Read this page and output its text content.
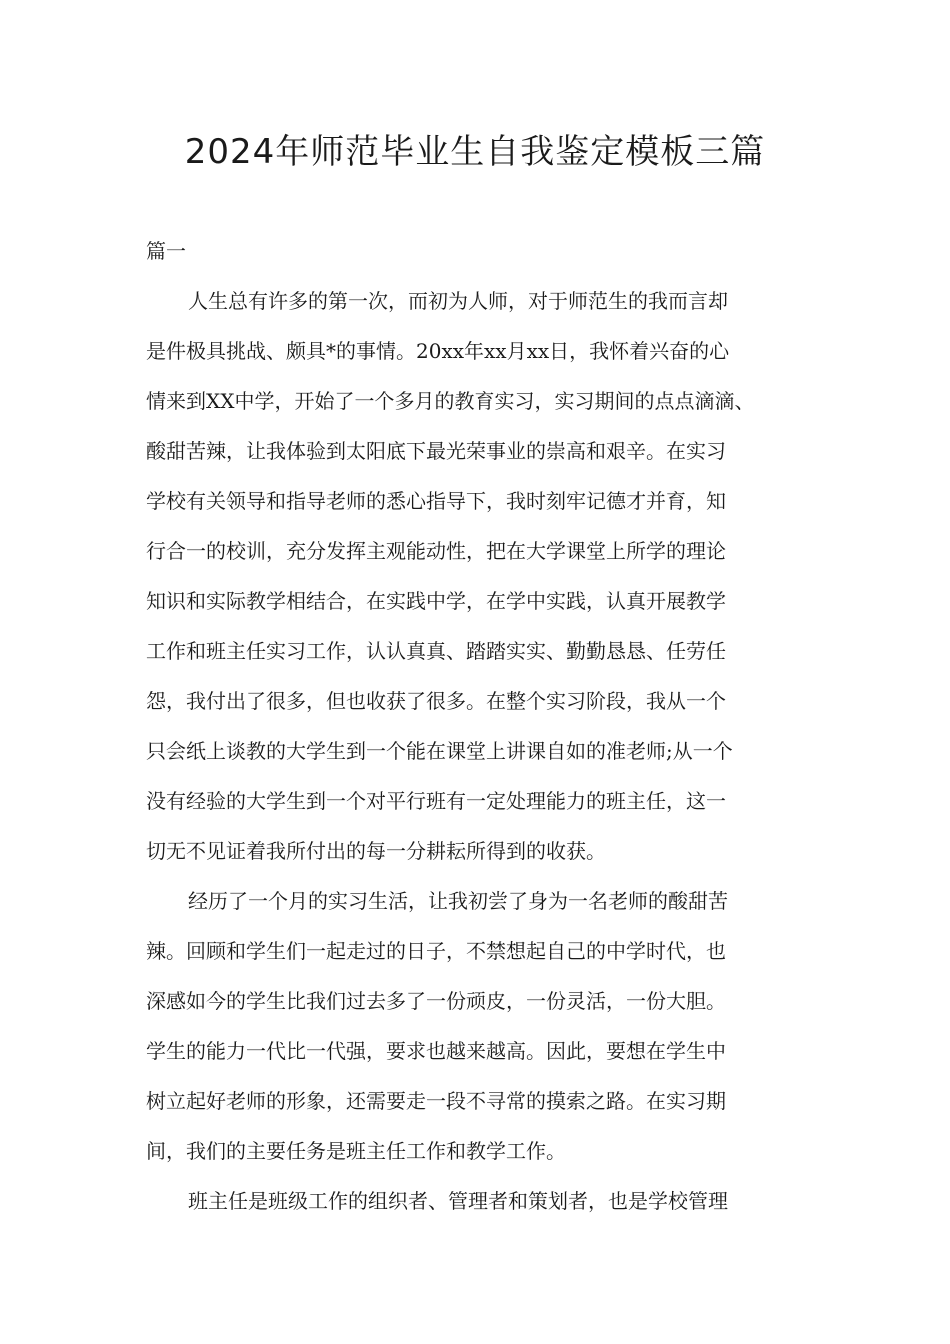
2024年师范毕业生自我鉴定模板三篇

篇一

人生总有许多的第一次，而初为人师，对于师范生的我而言却

是件极具挑战、颇具*的事情。20xx年xx月xx日，我怀着兴奋的心

情来到XX中学，开始了一个多月的教育实习，实习期间的点点滴滴、

酸甜苦辣，让我体验到太阳底下最光荣事业的崇高和艰辛。在实习

学校有关领导和指导老师的悉心指导下，我时刻牢记德才并育，知

行合一的校训，充分发挥主观能动性，把在大学课堂上所学的理论

知识和实际教学相结合，在实践中学，在学中实践，认真开展教学

工作和班主任实习工作，认认真真、踏踏实实、勤勤恳恳、任劳任

怨，我付出了很多，但也收获了很多。在整个实习阶段，我从一个

只会纸上谈教的大学生到一个能在课堂上讲课自如的准老师;从一个

没有经验的大学生到一个对平行班有一定处理能力的班主任，这一

切无不见证着我所付出的每一分耕耘所得到的收获。

经历了一个月的实习生活，让我初尝了身为一名老师的酸甜苦

辣。回顾和学生们一起走过的日子，不禁想起自己的中学时代，也

深感如今的学生比我们过去多了一份顽皮，一份灵活，一份大胆。

学生的能力一代比一代强，要求也越来越高。因此，要想在学生中

树立起好老师的形象，还需要走一段不寻常的摸索之路。在实习期

间，我们的主要任务是班主任工作和教学工作。

班主任是班级工作的组织者、管理者和策划者，也是学校管理
